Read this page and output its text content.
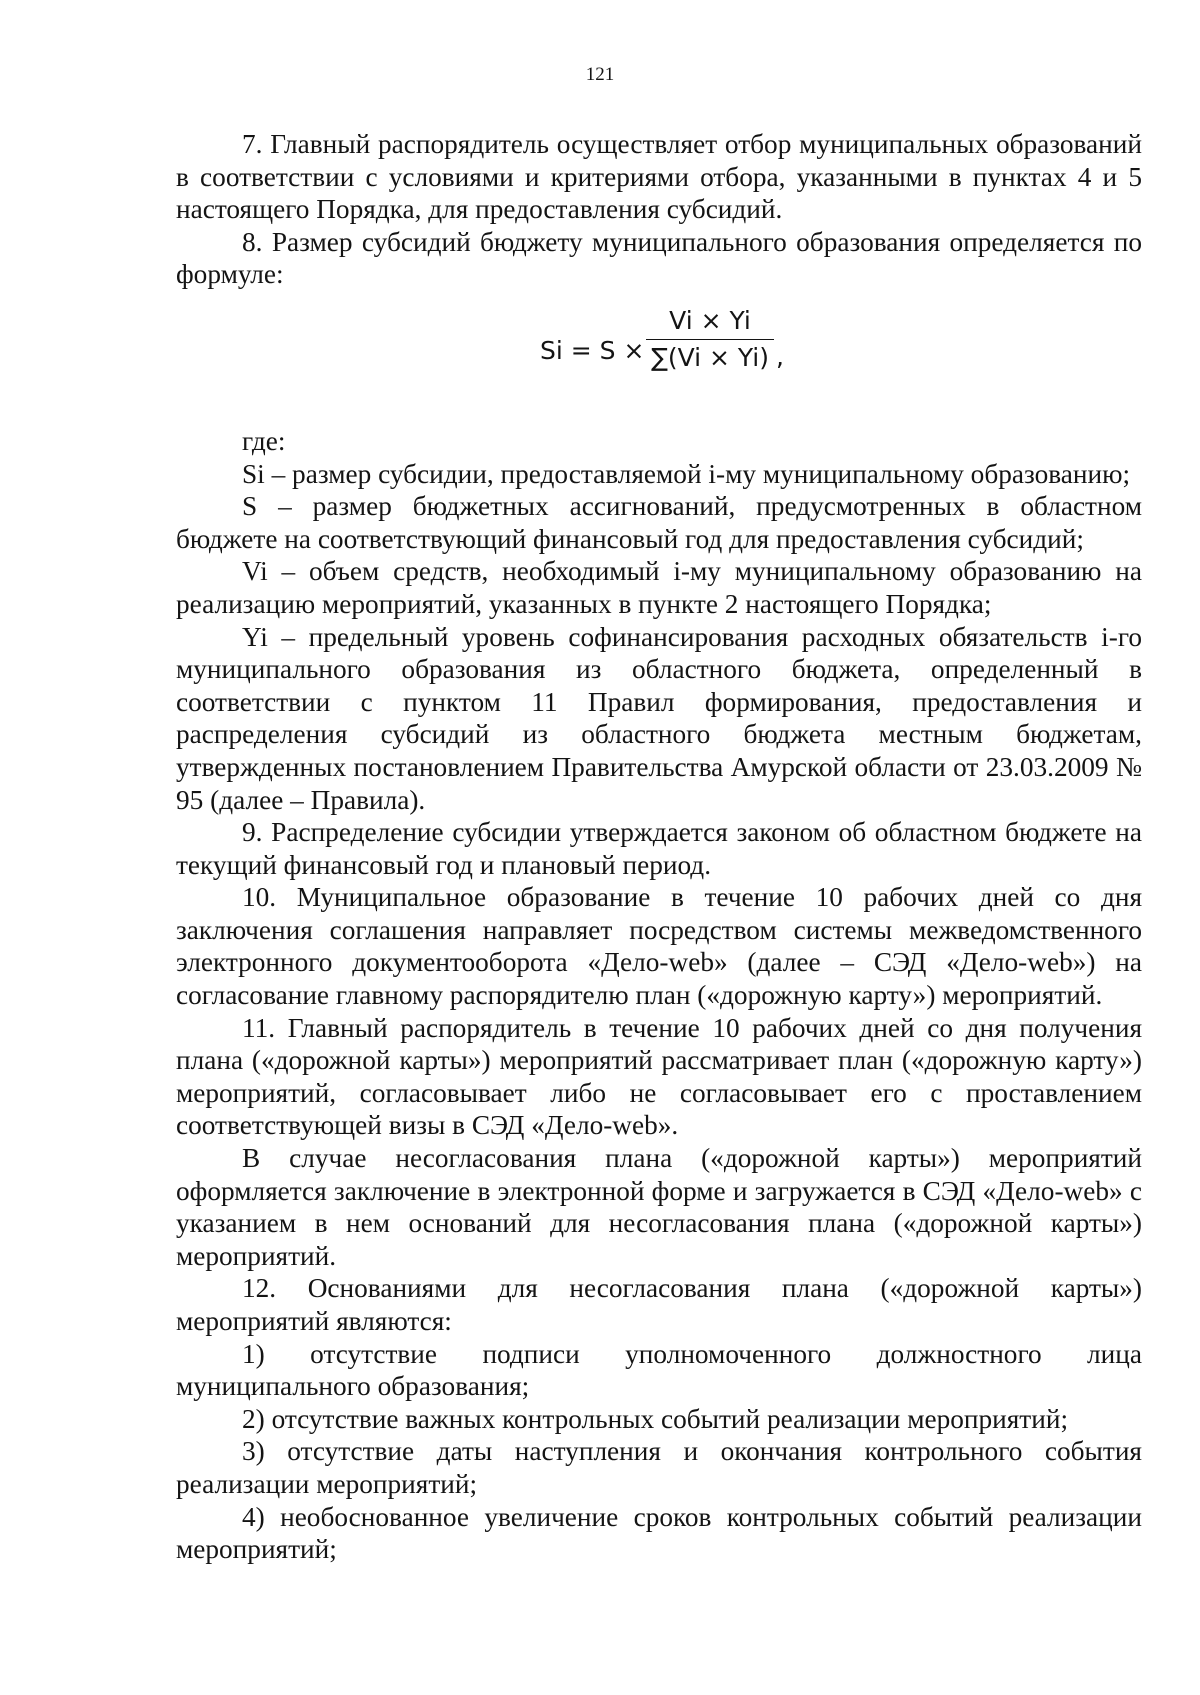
121

7. Главный распорядитель осуществляет отбор муниципальных образований в соответствии с условиями и критериями отбора, указанными в пунктах 4 и 5 настоящего Порядка, для предоставления субсидий.

8. Размер субсидий бюджету муниципального образования определяется по формуле:

Si = S ×
Vi × Yi
∑(Vi × Yi) ,

где:

Si – размер субсидии, предоставляемой i-му муниципальному образованию;

S – размер бюджетных ассигнований, предусмотренных в областном бюджете на соответствующий финансовый год для предоставления субсидий;

Vi – объем средств, необходимый i-му муниципальному образованию на реализацию мероприятий, указанных в пункте 2 настоящего Порядка;

Yi – предельный уровень софинансирования расходных обязательств i-го муниципального образования из областного бюджета, определенный в соответствии с пунктом 11 Правил формирования, предоставления и распределения субсидий из областного бюджета местным бюджетам, утвержденных постановлением Правительства Амурской области от 23.03.2009 № 95 (далее – Правила).

9. Распределение субсидии утверждается законом об областном бюджете на текущий финансовый год и плановый период.

10. Муниципальное образование в течение 10 рабочих дней со дня заключения соглашения направляет посредством системы межведомственного электронного документооборота «Дело-web» (далее – СЭД «Дело-web») на согласование главному распорядителю план («дорожную карту») мероприятий.

11. Главный распорядитель в течение 10 рабочих дней со дня получения плана («дорожной карты») мероприятий рассматривает план («дорожную карту») мероприятий, согласовывает либо не согласовывает его с проставлением соответствующей визы в СЭД «Дело-web».

В случае несогласования плана («дорожной карты») мероприятий оформляется заключение в электронной форме и загружается в СЭД «Дело-web» с указанием в нем оснований для несогласования плана («дорожной карты») мероприятий.

12. Основаниями для несогласования плана («дорожной карты») мероприятий являются:

1) отсутствие подписи уполномоченного должностного лица муниципального образования;

2) отсутствие важных контрольных событий реализации мероприятий;

3) отсутствие даты наступления и окончания контрольного события реализации мероприятий;

4) необоснованное увеличение сроков контрольных событий реализации мероприятий;
